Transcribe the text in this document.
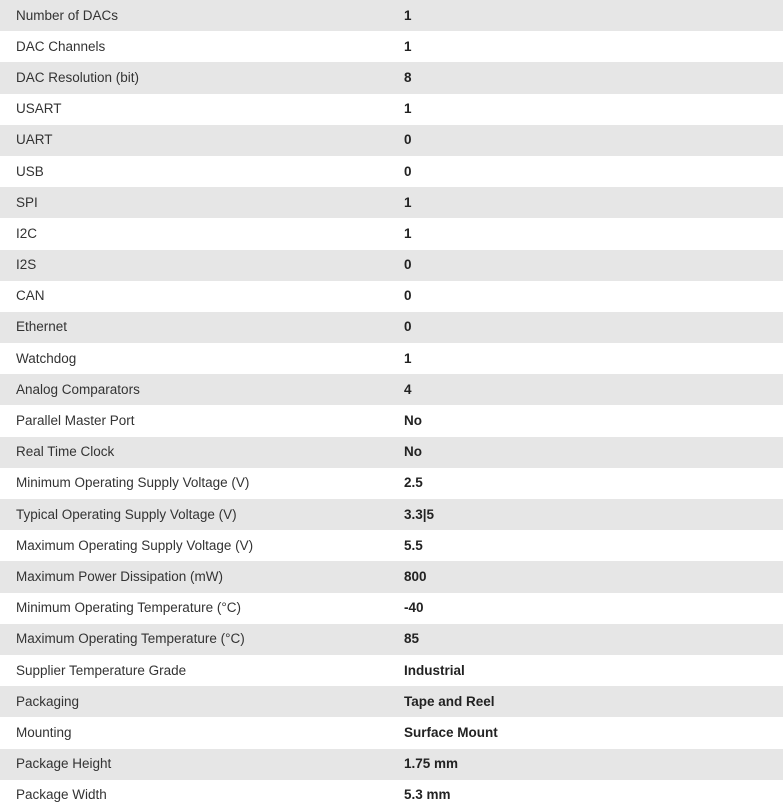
Number of DACs	1
DAC Channels	1
DAC Resolution (bit)	8
USART	1
UART	0
USB	0
SPI	1
I2C	1
I2S	0
CAN	0
Ethernet	0
Watchdog	1
Analog Comparators	4
Parallel Master Port	No
Real Time Clock	No
Minimum Operating Supply Voltage (V)	2.5
Typical Operating Supply Voltage (V)	3.3|5
Maximum Operating Supply Voltage (V)	5.5
Maximum Power Dissipation (mW)	800
Minimum Operating Temperature (°C)	-40
Maximum Operating Temperature (°C)	85
Supplier Temperature Grade	Industrial
Packaging	Tape and Reel
Mounting	Surface Mount
Package Height	1.75 mm
Package Width	5.3 mm
